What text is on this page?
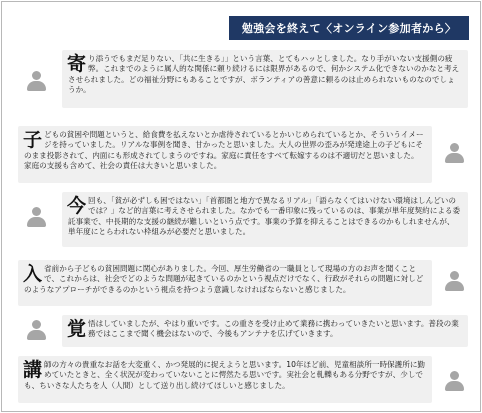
勉強会を終えて〈オンライン参加者から〉
寄り添うでもまだ足りない、「共に生きる」」という言葉、とてもハッとしました。なり手がいない支援側の疲弊。これまでのように属人的な関係に頼り続けるには限界があるので、何かシステム化できないのかなと考えさせられました。どの福祉分野にもあることですが、ボランティアの善意に頼るのは止められないものなのでしょうか。
子どもの貧困や問題というと、給食費を払えないとか虐待されているとかいじめられているとか、そういうイメージを持っていました。リアルな事例を聞き、甘かったと思いました。大人の世界の歪みが発達途上の子どもにそのまま投影されて、内面にも形成されてしまうのですね。家庭に責任をすべて転嫁するのは不適切だと思いました。家庭の支援も含めて、社会の責任は大きいと思いました。
今回も、「貧が必ずしも困ではない」「首都圏と地方で異なるリアル」「語らなくてはいけない環境はしんどいのでは？」など的言葉に考えさせられました。なかでも一番印象に残っているのは、事業が単年度契約による委託事業で、中長期的な支援の継続が難しいという点です。事業の予算を抑えることはできるのかもしれませんが、単年度にとらわれない枠組みが必要だと思いました。
入省前から子どもの貧困問題に関心がありました。今回、厚生労働省の一職員として現場の方のお声を聞くことで、これからは、社会でどのような問題が起きているのかという視点だけでなく、行政がそれらの問題に対しどのようなアプローチができるのかという視点を持つよう意識しなければならないと感じました。
覚悟はしていましたが、やはり重いです。この重さを受け止めて業務に携わっていきたいと思います。普段の業務ではここまで聞く機会はないので、今後もアンテナを広げていきます。
講師の方々の貴重なお話を大変重く、かつ発展的に捉えようと思います。10年ほど前、児童相談所一時保護所に勤めていたときと、全く状況が変わっていないことに愕然たる思いです。実社会と軋轢もある分野ですが、少しでも、ちいさな人たちを人（人間）として送り出し続けてほしいと感じました。
